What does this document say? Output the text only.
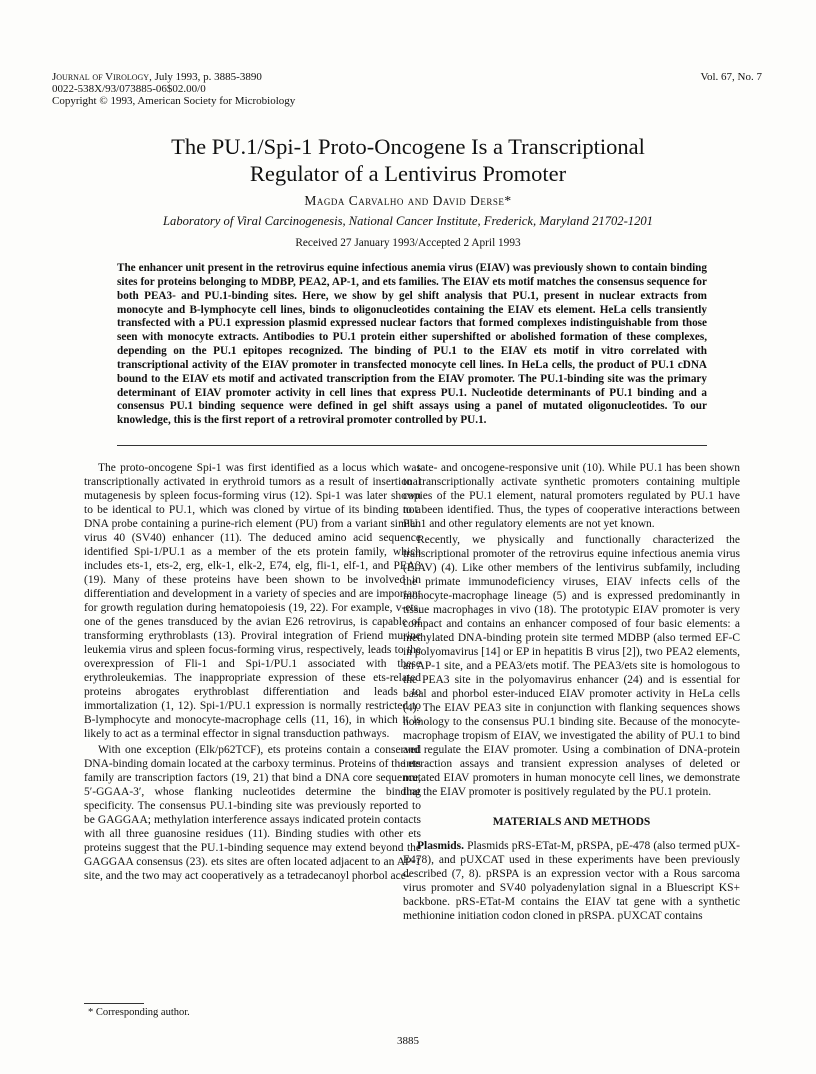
Journal of Virology, July 1993, p. 3885-3890
0022-538X/93/073885-06$02.00/0
Copyright © 1993, American Society for Microbiology
Vol. 67, No. 7
The PU.1/Spi-1 Proto-Oncogene Is a Transcriptional
Regulator of a Lentivirus Promoter
Magda Carvalho and David Derse*
Laboratory of Viral Carcinogenesis, National Cancer Institute, Frederick, Maryland 21702-1201
Received 27 January 1993/Accepted 2 April 1993
The enhancer unit present in the retrovirus equine infectious anemia virus (EIAV) was previously shown to contain binding sites for proteins belonging to MDBP, PEA2, AP-1, and ets families. The EIAV ets motif matches the consensus sequence for both PEA3- and PU.1-binding sites. Here, we show by gel shift analysis that PU.1, present in nuclear extracts from monocyte and B-lymphocyte cell lines, binds to oligonucleotides containing the EIAV ets element. HeLa cells transiently transfected with a PU.1 expression plasmid expressed nuclear factors that formed complexes indistinguishable from those seen with monocyte extracts. Antibodies to PU.1 protein either supershifted or abolished formation of these complexes, depending on the PU.1 epitopes recognized. The binding of PU.1 to the EIAV ets motif in vitro correlated with transcriptional activity of the EIAV promoter in transfected monocyte cell lines. In HeLa cells, the product of PU.1 cDNA bound to the EIAV ets motif and activated transcription from the EIAV promoter. The PU.1-binding site was the primary determinant of EIAV promoter activity in cell lines that express PU.1. Nucleotide determinants of PU.1 binding and a consensus PU.1 binding sequence were defined in gel shift assays using a panel of mutated oligonucleotides. To our knowledge, this is the first report of a retroviral promoter controlled by PU.1.

The proto-oncogene Spi-1 was first identified as a locus which was transcriptionally activated in erythroid tumors as a result of insertional mutagenesis by spleen focus-forming virus (12). Spi-1 was later shown to be identical to PU.1, which was cloned by virtue of its binding to a DNA probe containing a purine-rich element (PU) from a variant simian virus 40 (SV40) enhancer (11). The deduced amino acid sequence identified Spi-1/PU.1 as a member of the ets protein family, which includes ets-1, ets-2, erg, elk-1, elk-2, E74, elg, fli-1, elf-1, and PEA3 (19). Many of these proteins have been shown to be involved in differentiation and development in a variety of species and are important for growth regulation during hematopoiesis (19, 22). For example, v-ets, one of the genes transduced by the avian E26 retrovirus, is capable of transforming erythroblasts (13). Proviral integration of Friend murine leukemia virus and spleen focus-forming virus, respectively, leads to the overexpression of Fli-1 and Spi-1/PU.1 associated with these erythroleukemias. The inappropriate expression of these ets-related proteins abrogates erythroblast differentiation and leads to immortalization (1, 12). Spi-1/PU.1 expression is normally restricted to B-lymphocyte and monocyte-macrophage cells (11, 16), in which it is likely to act as a terminal effector in signal transduction pathways.

With one exception (Elk/p62TCF), ets proteins contain a conserved DNA-binding domain located at the carboxy terminus. Proteins of the ets family are transcription factors (19, 21) that bind a DNA core sequence, 5′-GGAA-3′, whose flanking nucleotides determine the binding specificity. The consensus PU.1-binding site was previously reported to be GAGGAA; methylation interference assays indicated protein contacts with all three guanosine residues (11). Binding studies with other ets proteins suggest that the PU.1-binding sequence may extend beyond the GAGGAA consensus (23). ets sites are often located adjacent to an AP-1 site, and the two may act cooperatively as a tetradecanoyl phorbol ace-

tate- and oncogene-responsive unit (10). While PU.1 has been shown to transcriptionally activate synthetic promoters containing multiple copies of the PU.1 element, natural promoters regulated by PU.1 have not been identified. Thus, the types of cooperative interactions between PU.1 and other regulatory elements are not yet known.

Recently, we physically and functionally characterized the transcriptional promoter of the retrovirus equine infectious anemia virus (EIAV) (4). Like other members of the lentivirus subfamily, including the primate immunodeficiency viruses, EIAV infects cells of the monocyte-macrophage lineage (5) and is expressed predominantly in tissue macrophages in vivo (18). The prototypic EIAV promoter is very compact and contains an enhancer composed of four basic elements: a methylated DNA-binding protein site termed MDBP (also termed EF-C in polyomavirus [14] or EP in hepatitis B virus [2]), two PEA2 elements, an AP-1 site, and a PEA3/ets motif. The PEA3/ets site is homologous to the PEA3 site in the polyomavirus enhancer (24) and is essential for basal and phorbol ester-induced EIAV promoter activity in HeLa cells (4). The EIAV PEA3 site in conjunction with flanking sequences shows homology to the consensus PU.1 binding site. Because of the monocyte-macrophage tropism of EIAV, we investigated the ability of PU.1 to bind and regulate the EIAV promoter. Using a combination of DNA-protein interaction assays and transient expression analyses of deleted or mutated EIAV promoters in human monocyte cell lines, we demonstrate that the EIAV promoter is positively regulated by the PU.1 protein.

MATERIALS AND METHODS

Plasmids. Plasmids pRS-ETat-M, pRSPA, pE-478 (also termed pUX-E478), and pUXCAT used in these experiments have been previously described (7, 8). pRSPA is an expression vector with a Rous sarcoma virus promoter and SV40 polyadenylation signal in a Bluescript KS+ backbone. pRS-ETat-M contains the EIAV tat gene with a synthetic methionine initiation codon cloned in pRSPA. pUXCAT contains

* Corresponding author.
3885
